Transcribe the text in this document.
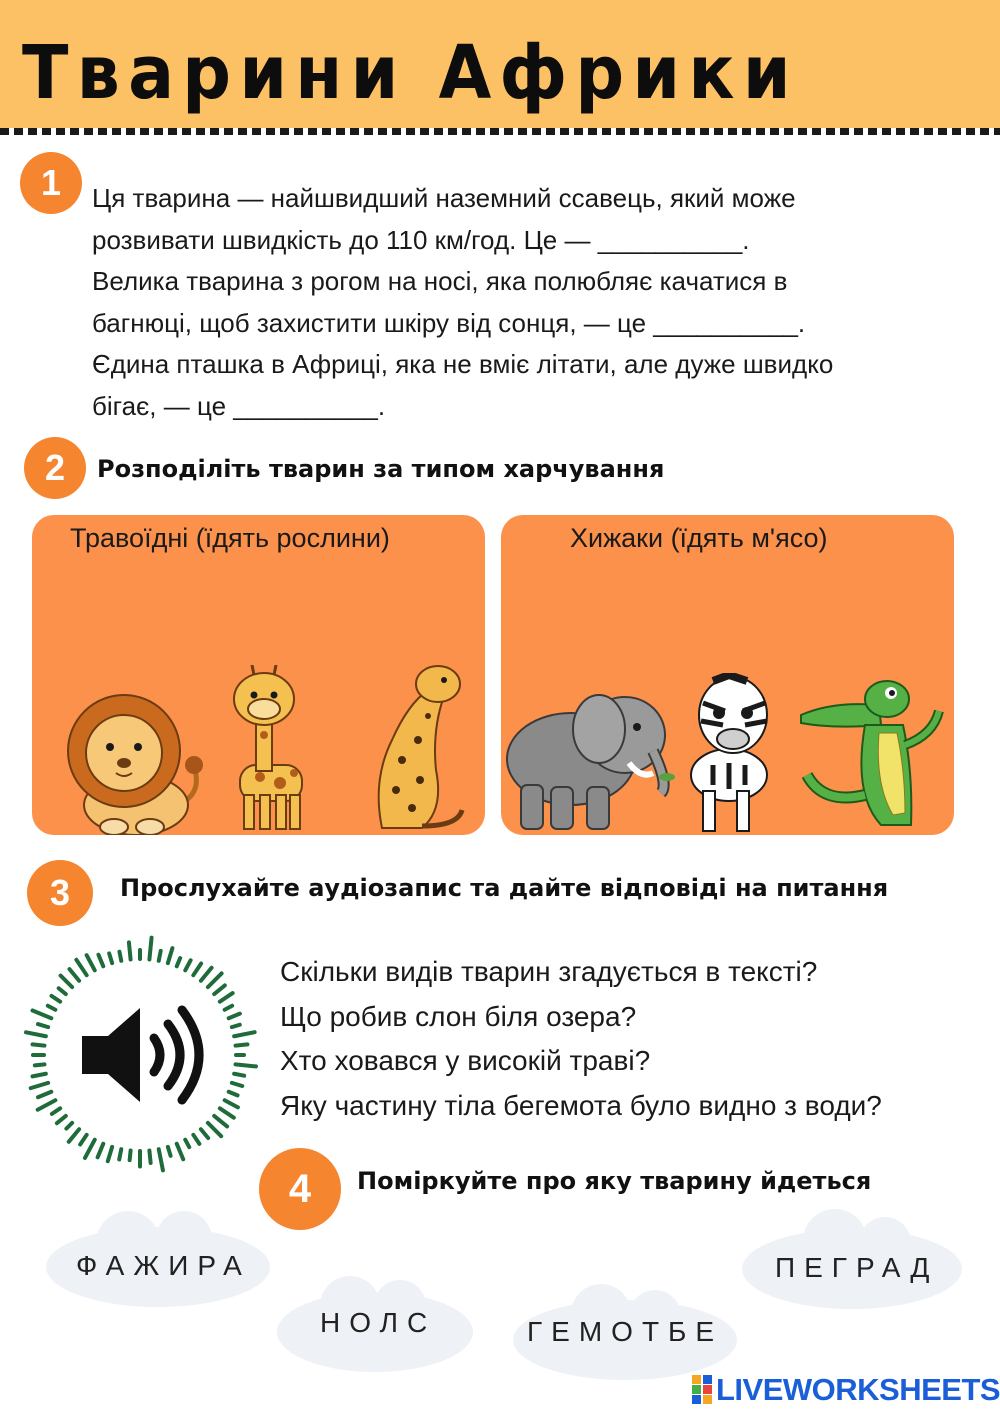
Тварини Африки
1	Ця тварина — найшвидший наземний ссавець, який може

розвивати швидкість до 110 км/год. Це — __________.

Велика тварина з рогом на носі, яка полюбляє качатися в

багнюці, щоб захистити шкіру від сонця, — це __________.

Єдина пташка в Африці, яка не вміє літати, але дуже швидко

бігає, — це __________.

2	Розподіліть тварин за типом харчування
Травоїдні (їдять рослини)	Хижаки (їдять м'ясо)
3	Прослухайте аудіозапис та дайте відповіді на питання
Скільки видів тварин згадується в тексті?
Що робив слон біля озера?
Хто ховався у високій траві?
Яку частину тіла бегемота було видно з води?
4	Поміркуйте про яку тварину йдеться
ФАЖИРА
НОЛС	ГЕМОТБЕ
ПЕГРАД
LIVEWORKSHEETS
